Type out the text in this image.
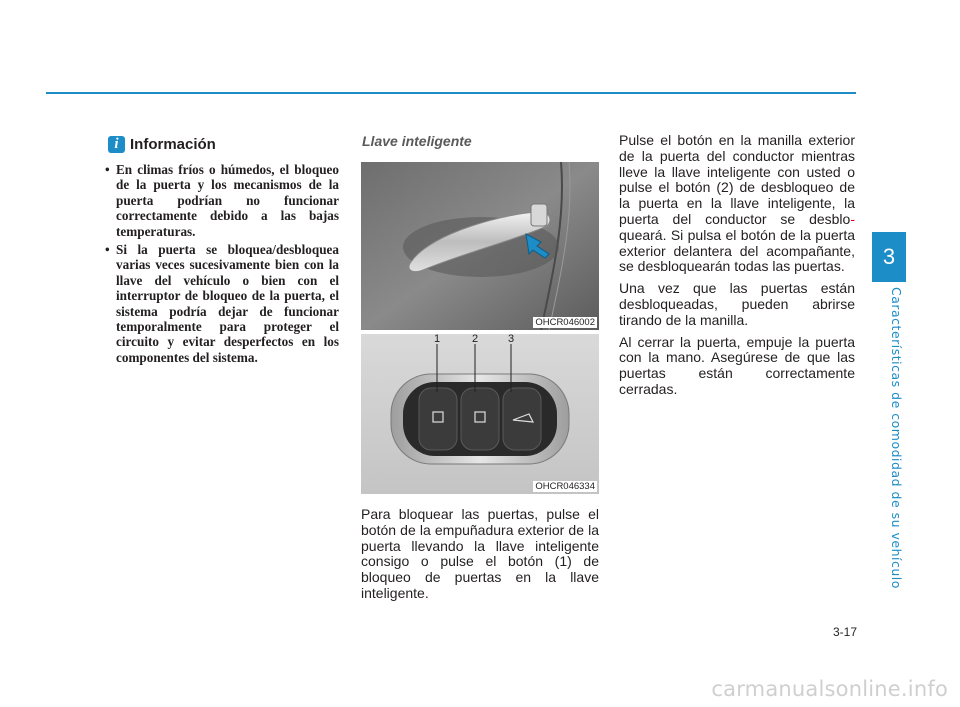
i Información
• En climas fríos o húmedos, el bloqueo de la puerta y los mecanismos de la puerta podrían no funcionar correctamente debido a las bajas temperaturas.
• Si la puerta se bloquea/desbloquea varias veces sucesivamente bien con la llave del vehículo o bien con el interruptor de bloqueo de la puerta, el sistema podría dejar de funcionar temporalmente para proteger el circuito y evitar desperfectos en los componentes del sistema.
Llave inteligente
OHCR046002
1	2	3
OHCR046334

Para bloquear las puertas, pulse el botón de la empuñadura exterior de la puerta llevando la llave inteligente consigo o pulse el botón (1) de bloqueo de puertas en la llave inteligente.

Pulse el botón en la manilla exterior de la puerta del conductor mientras lleve la llave inteligente con usted o pulse el botón (2) de desbloqueo de la puerta en la llave inteligente, la puerta del conductor se desblo-queará. Si pulsa el botón de la puerta exterior delantera del acompañante, se desbloquearán todas las puertas.

Una vez que las puertas están desbloqueadas, pueden abrirse tirando de la manilla.

Al cerrar la puerta, empuje la puerta con la mano. Asegúrese de que las puertas están correctamente cerradas.

3
Características de comodidad de su vehículo
3-17
carmanualsonline.info
